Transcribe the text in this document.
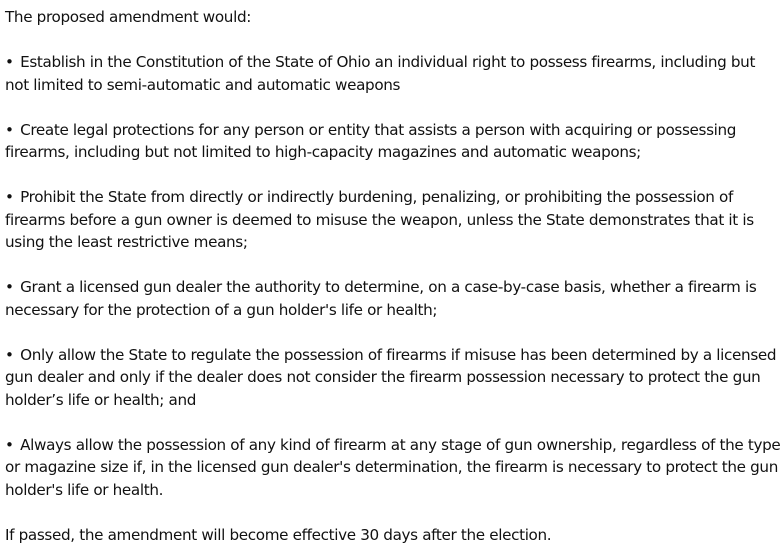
The proposed amendment would:

• Establish in the Constitution of the State of Ohio an individual right to possess firearms, including but not limited to semi-automatic and automatic weapons

• Create legal protections for any person or entity that assists a person with acquiring or possessing firearms, including but not limited to high-capacity magazines and automatic weapons;

• Prohibit the State from directly or indirectly burdening, penalizing, or prohibiting the possession of firearms before a gun owner is deemed to misuse the weapon, unless the State demonstrates that it is using the least restrictive means;

• Grant a licensed gun dealer the authority to determine, on a case-by-case basis, whether a firearm is necessary for the protection of a gun holder's life or health;

• Only allow the State to regulate the possession of firearms if misuse has been determined by a licensed gun dealer and only if the dealer does not consider the firearm possession necessary to protect the gun holder’s life or health; and

• Always allow the possession of any kind of firearm at any stage of gun ownership, regardless of the type or magazine size if, in the licensed gun dealer's determination, the firearm is necessary to protect the gun holder's life or health.

If passed, the amendment will become effective 30 days after the election.
